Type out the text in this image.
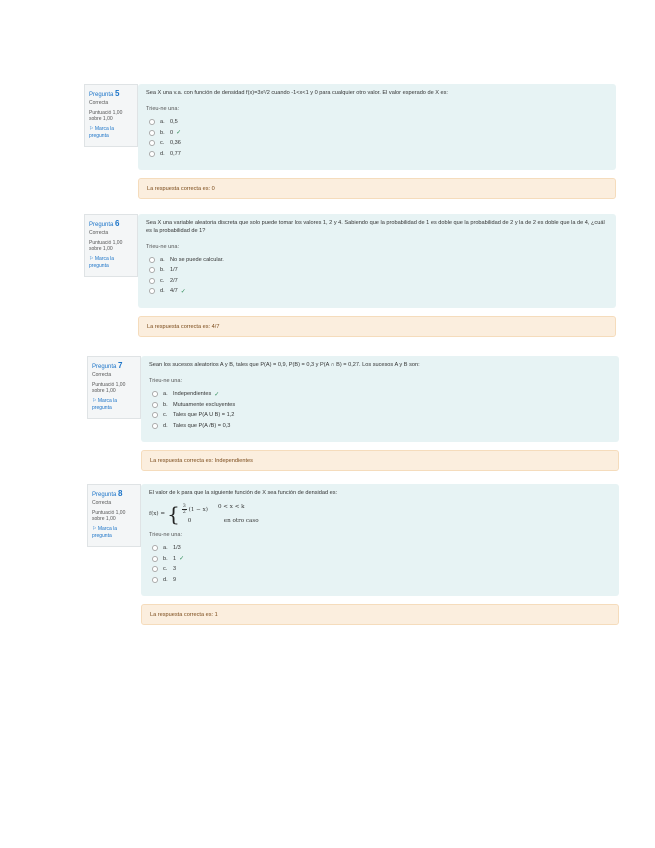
Pregunta 5
Correcta
Puntuació 1,00 sobre 1,00
⚐ Marca la pregunta
Sea X una v.a. con función de densidad f(x)=3x²/2 cuando -1<x<1 y 0 para cualquier otro valor. El valor esperado de X es:
Trieu-ne una:
a. 0,5
b. 0 ✓
c.	0,36
d. 0,77
La respuesta correcta es: 0
Pregunta 6
Correcta
Puntuació 1,00 sobre 1,00
⚐ Marca la pregunta
Sea X una variable aleatoria discreta que solo puede tomar los valores 1, 2 y 4. Sabiendo que la probabilidad de 1 es doble que la probabilidad de 2 y la de 2 es doble que la de 4, ¿cuál es la probabilidad de 1?
Trieu-ne una:
a. No se puede calcular.
b. 1/7
c.	2/7
d. 4/7 ✓
La respuesta correcta es: 4/7
Pregunta 7
Correcta
Puntuació 1,00 sobre 1,00
⚐ Marca la pregunta
Sean los sucesos aleatorios A y B, tales que P(A) = 0,9, P(B) = 0,3 y P(A ∩ B) = 0,27. Los sucesos A y B son:
Trieu-ne una:
a. Independientes ✓
b. Mutuamente excluyentes
c.	Tales que P(A U B) = 1,2
d. Tales que P(A /B) = 0,3
La respuesta correcta es: Independientes
Pregunta 8
Correcta
Puntuació 1,00 sobre 1,00
⚐ Marca la pregunta
El valor de k para que la siguiente función de X sea función de densidad es:
f(x) = { $\frac{3}{2} (1 - x) 0 < x < k$
0	en otro caso
Trieu-ne una:
a. 1/3
b. 1 ✓
c.	3
d. 9
La respuesta correcta es: 1
